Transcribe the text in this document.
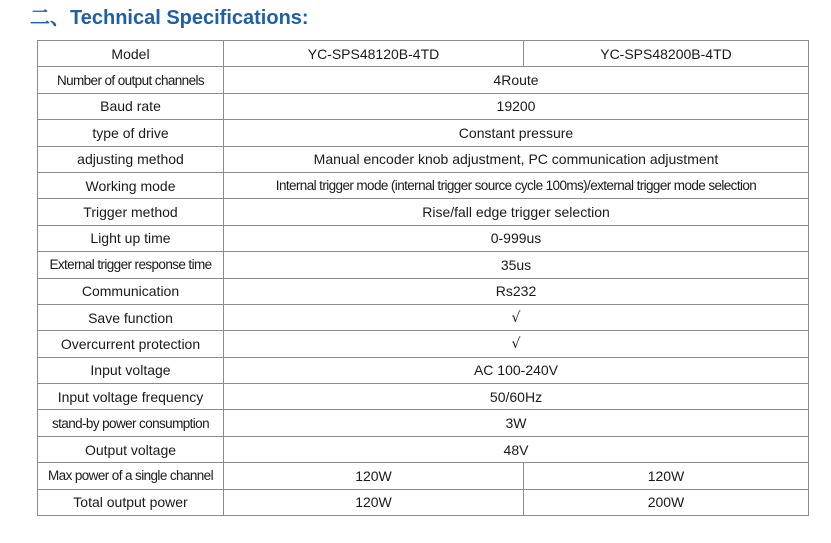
二、Technical Specifications:
Model	YC-SPS48120B-4TD	YC-SPS48200B-4TD
Number of output channels	4Route	
Baud rate	19200	
type of drive	Constant pressure	
adjusting method	Manual encoder knob adjustment, PC communication adjustment	
Working mode	Internal trigger mode (internal trigger source cycle 100ms)/external trigger mode selection	
Trigger method	Rise/fall edge trigger selection	
Light up time	0-999us	
External trigger response time	35us	
Communication	Rs232	
Save function	√	
Overcurrent protection	√	
Input voltage	AC 100-240V	
Input voltage frequency	50/60Hz	
stand-by power consumption	3W	
Output voltage	48V	
Max power of a single channel	120W	120W
Total output power	120W	200W
